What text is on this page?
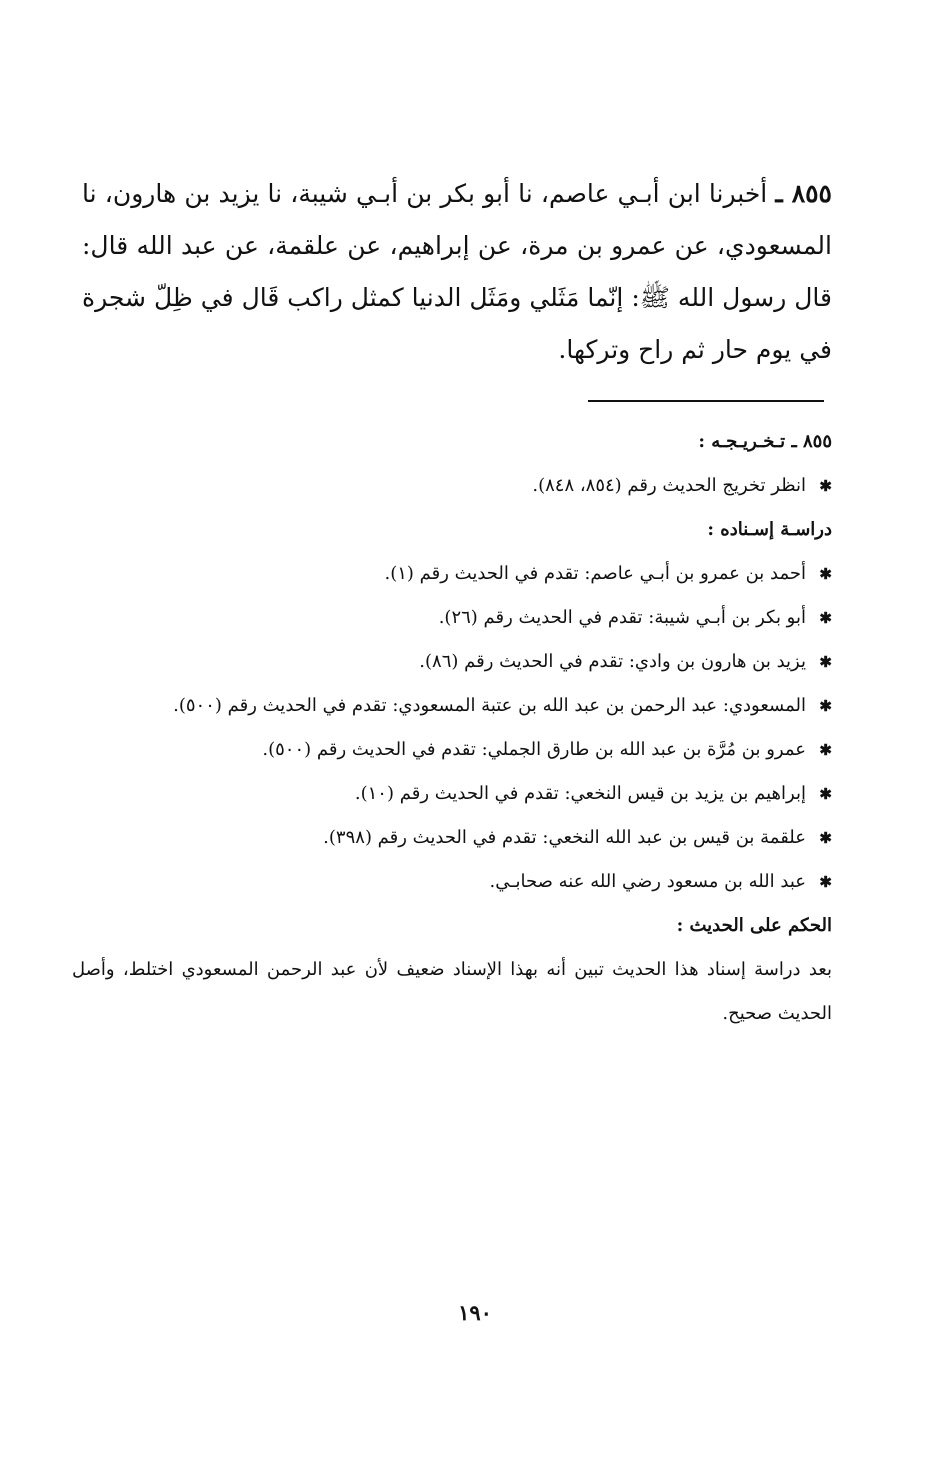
٨٥٥ ـ أخبرنا ابن أبـي عاصم، نا أبو بكر بن أبـي شيبة، نا يزيد بن هارون، نا المسعودي، عن عمرو بن مرة، عن إبراهيم، عن علقمة، عن عبد الله قال: قال رسول الله ﷺ: إنّما مَثَلي ومَثَل الدنيا كمثل راكب قَال في ظِلّ شجرة في يوم حار ثم راح وتركها.
٨٥٥ ـ تـخـريـجـه :
✱
انظر تخريج الحديث رقم (٨٥٤، ٨٤٨).
دراسـة إسـناده :
✱
أحمد بن عمرو بن أبـي عاصم: تقدم في الحديث رقم (١).
✱
أبو بكر بن أبـي شيبة: تقدم في الحديث رقم (٢٦).
✱
يزيد بن هارون بن وادي: تقدم في الحديث رقم (٨٦).
✱
المسعودي: عبد الرحمن بن عبد الله بن عتبة المسعودي: تقدم في الحديث رقم (٥٠٠).
✱
عمرو بن مُرَّة بن عبد الله بن طارق الجملي: تقدم في الحديث رقم (٥٠٠).
✱
إبراهيم بن يزيد بن قيس النخعي: تقدم في الحديث رقم (١٠).
✱
علقمة بن قيس بن عبد الله النخعي: تقدم في الحديث رقم (٣٩٨).
✱
عبد الله بن مسعود رضي الله عنه صحابـي.
الحكم على الحديث :

بعد دراسة إسناد هذا الحديث تبين أنه بهذا الإسناد ضعيف لأن عبد الرحمن المسعودي اختلط، وأصل الحديث صحيح.

١٩٠
